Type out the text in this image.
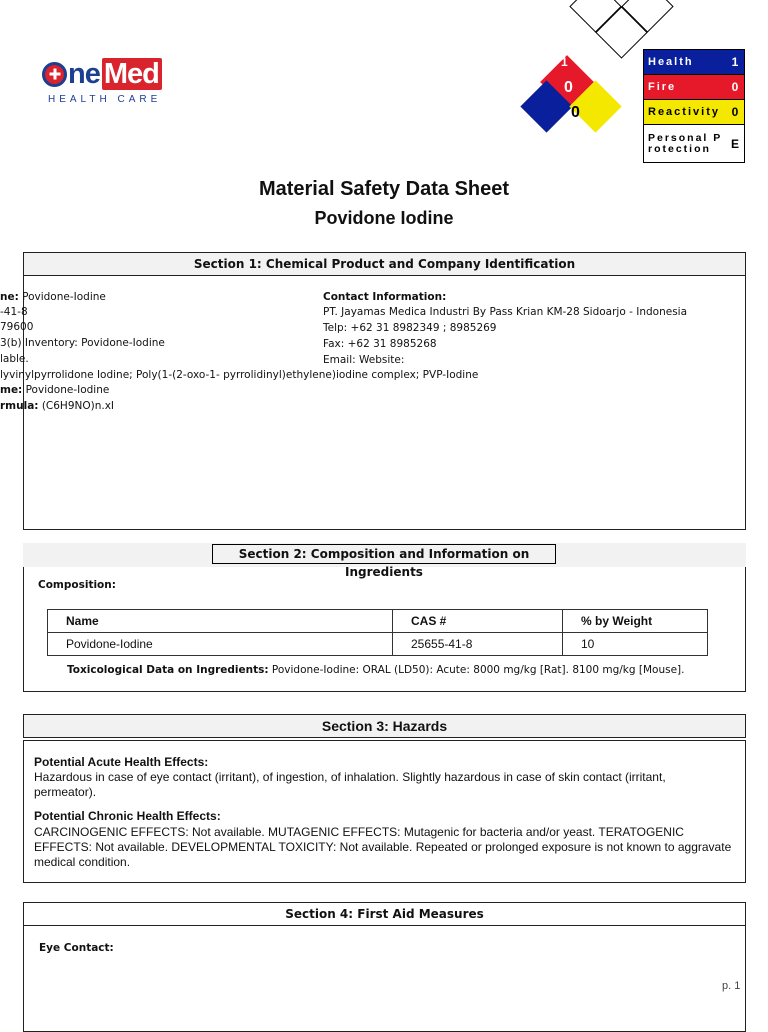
ne Med
HEALTH CARE
0
1
0
Health	1
Fire	0
Reactivity 0
Personal Protection	E
Material Safety Data Sheet
Povidone Iodine
Section 1: Chemical Product and Company Identification
ne: Povidone-Iodine
-41-8
79600
3(b) Inventory: Povidone-Iodine
lable.
lyvinylpyrrolidone Iodine; Poly(1-(2-oxo-1- pyrrolidinyl)ethylene)iodine complex; PVP-Iodine
me: Povidone-Iodine
rmula: (C6H9NO)n.xI
Contact Information:
PT. Jayamas Medica Industri By Pass Krian KM-28 Sidoarjo - Indonesia
Telp: +62 31 8982349 ; 8985269
Fax: +62 31 8985268
Email: Website:
Section 2: Composition and Information on Ingredients
Composition:
Name	CAS #	% by Weight
Povidone-Iodine	25655-41-8	10
Toxicological Data on Ingredients: Povidone-Iodine: ORAL (LD50): Acute: 8000 mg/kg [Rat]. 8100 mg/kg [Mouse].
Section 3: Hazards
Potential Acute Health Effects:
Hazardous in case of eye contact (irritant), of ingestion, of inhalation. Slightly hazardous in case of skin contact (irritant, permeator).
Potential Chronic Health Effects:
CARCINOGENIC EFFECTS: Not available. MUTAGENIC EFFECTS: Mutagenic for bacteria and/or yeast. TERATOGENIC EFFECTS: Not available. DEVELOPMENTAL TOXICITY: Not available. Repeated or prolonged exposure is not known to aggravate medical condition.
Section 4: First Aid Measures
Eye Contact:
p. 1
